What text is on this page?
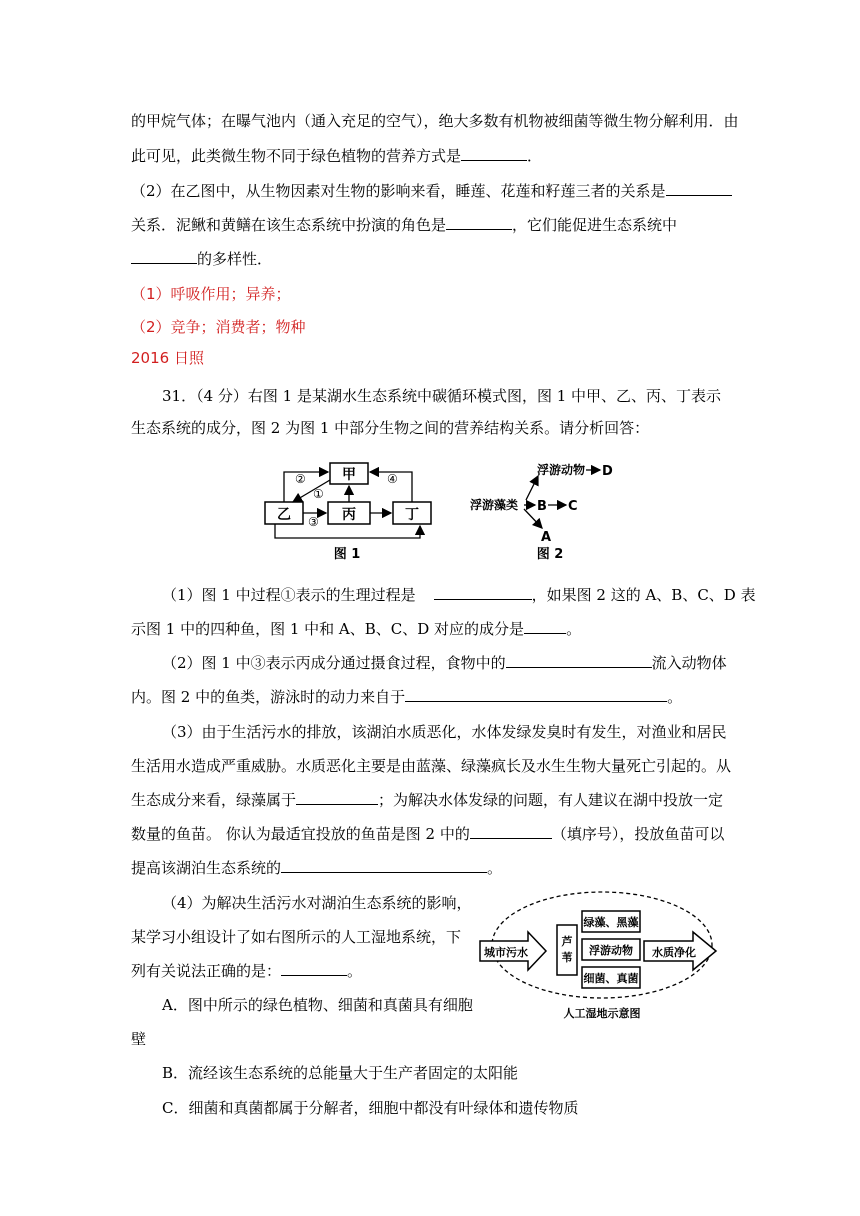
的甲烷气体；在曝气池内（通入充足的空气），绝大多数有机物被细菌等微生物分解利用．由
此可见，此类微生物不同于绿色植物的营养方式是	．
（2）在乙图中，从生物因素对生物的影响来看，睡莲、花莲和籽莲三者的关系是
关系．泥鳅和黄鳝在该生态系统中扮演的角色是	，它们能促进生态系统中
的多样性．
（1）呼吸作用；异养；
（2）竞争；消费者；物种
2016 日照
31．（4 分）右图 1 是某湖水生态系统中碳循环模式图，图 1 中甲、乙、丙、丁表示
生态系统的成分，图 2 为图 1 中部分生物之间的营养结构关系。请分析回答：
甲
乙	丙	丁
②
①
③
④
图 1
浮游动物 D
浮游藻类 B C
A
图 2
（1）图 1 中过程①表示的生理过程是	，如果图 2 这的 A、B、C、D 表
示图 1 中的四种鱼，图 1 中和 A、B、C、D 对应的成分是	。
（2）图 1 中③表示丙成分通过摄食过程，食物中的	流入动物体
内。图 2 中的鱼类，游泳时的动力来自于	。
（3）由于生活污水的排放，该湖泊水质恶化，水体发绿发臭时有发生，对渔业和居民
生活用水造成严重威胁。水质恶化主要是由蓝藻、绿藻疯长及水生生物大量死亡引起的。从
生态成分来看，绿藻属于	；为解决水体发绿的问题，有人建议在湖中投放一定
数量的鱼苗。 你认为最适宜投放的鱼苗是图 2 中的	（填序号），投放鱼苗可以
提高该湖泊生态系统的	。
（4）为解决生活污水对湖泊生态系统的影响，
某学习小组设计了如右图所示的人工湿地系统，下
列有关说法正确的是：	。
A．图中所示的绿色植物、细菌和真菌具有细胞
壁
B．流经该生态系统的总能量大于生产者固定的太阳能
C．细菌和真菌都属于分解者，细胞中都没有叶绿体和遗传物质
城市污水
芦
苇
绿藻、黑藻
浮游动物
细菌、真菌
水质净化
人工湿地示意图
